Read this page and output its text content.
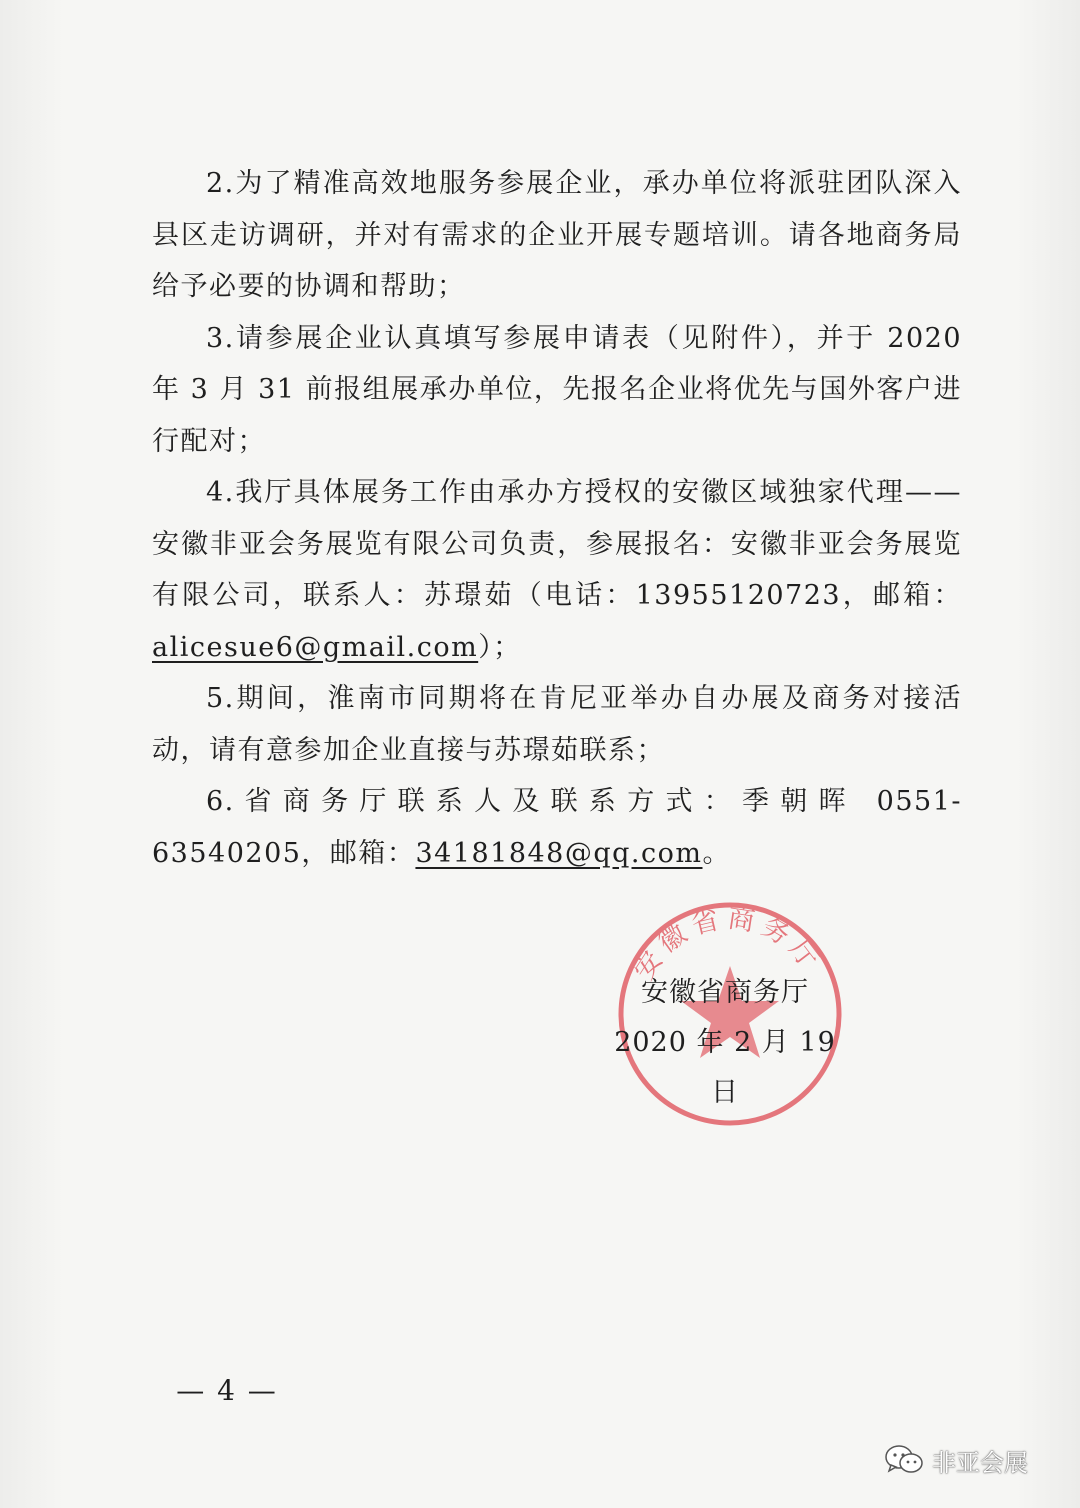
2.为了精准高效地服务参展企业，承办单位将派驻团队深入县区走访调研，并对有需求的企业开展专题培训。请各地商务局给予必要的协调和帮助；

3.请参展企业认真填写参展申请表（见附件），并于 2020 年 3 月 31 前报组展承办单位，先报名企业将优先与国外客户进行配对；

4.我厅具体展务工作由承办方授权的安徽区域独家代理——安徽非亚会务展览有限公司负责，参展报名：安徽非亚会务展览有限公司，联系人：苏璟茹（电话：13955120723，邮箱：alicesue6@gmail.com）；

5.期间，淮南市同期将在肯尼亚举办自办展及商务对接活动，请有意参加企业直接与苏璟茹联系；

6.省商务厅联系人及联系方式：季朝晖 0551-63540205，邮箱：34181848@qq.com。

安徽省商务厅
安徽省商务厅
2020 年 2 月 19 日
— 4 —
非亚会展
